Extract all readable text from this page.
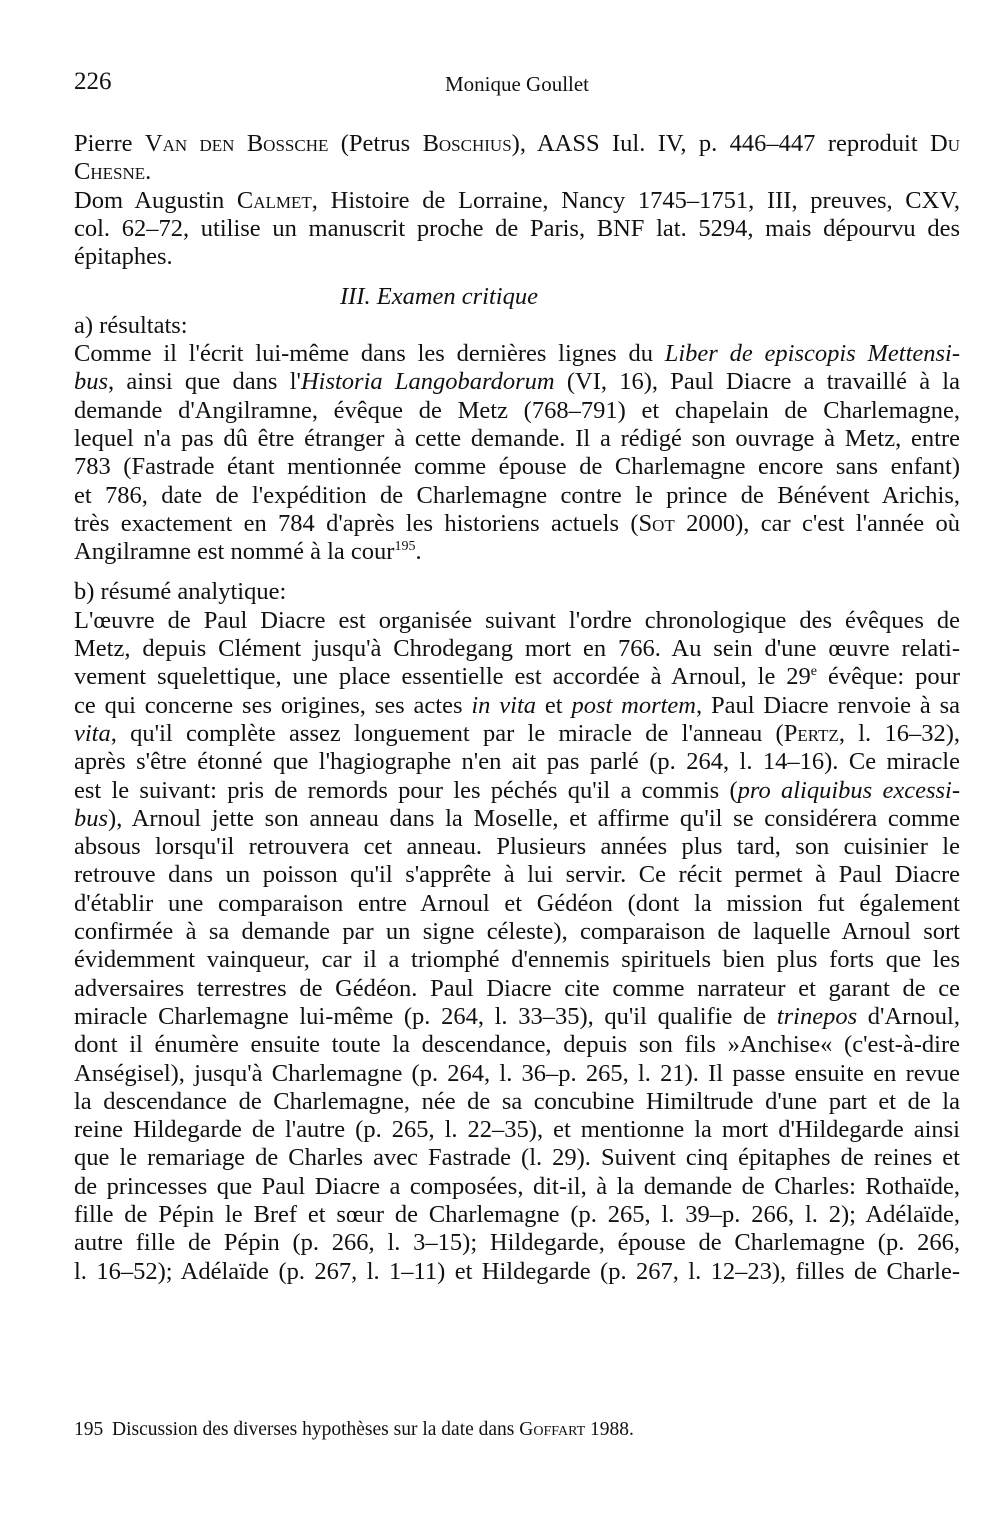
226	Monique Goullet
Pierre Van den Bossche (Petrus Boschius), AASS Iul. IV, p. 446–447 reproduit Du
Chesne.
Dom Augustin Calmet, Histoire de Lorraine, Nancy 1745–1751, III, preuves, CXV,
col. 62–72, utilise un manuscrit proche de Paris, BNF lat. 5294, mais dépourvu des
épitaphes.
III. Examen critique
a) résultats:
Comme il l'écrit lui-même dans les dernières lignes du Liber de episcopis Mettensi-
bus, ainsi que dans l'Historia Langobardorum (VI, 16), Paul Diacre a travaillé à la
demande d'Angilramne, évêque de Metz (768–791) et chapelain de Charlemagne,
lequel n'a pas dû être étranger à cette demande. Il a rédigé son ouvrage à Metz, entre
783 (Fastrade étant mentionnée comme épouse de Charlemagne encore sans enfant)
et 786, date de l'expédition de Charlemagne contre le prince de Bénévent Arichis,
très exactement en 784 d'après les historiens actuels (Sot 2000), car c'est l'année où
Angilramne est nommé à la cour$^{195}$.
b) résumé analytique:
L'œuvre de Paul Diacre est organisée suivant l'ordre chronologique des évêques de
Metz, depuis Clément jusqu'à Chrodegang mort en 766. Au sein d'une œuvre relati-
vement squelettique, une place essentielle est accordée à Arnoul, le 29e évêque: pour
ce qui concerne ses origines, ses actes in vita et post mortem, Paul Diacre renvoie à sa
vita, qu'il complète assez longuement par le miracle de l'anneau (Pertz, l. 16–32),
après s'être étonné que l'hagiographe n'en ait pas parlé (p. 264, l. 14–16). Ce miracle
est le suivant: pris de remords pour les péchés qu'il a commis (pro aliquibus excessi-
bus), Arnoul jette son anneau dans la Moselle, et affirme qu'il se considérera comme
absous lorsqu'il retrouvera cet anneau. Plusieurs années plus tard, son cuisinier le
retrouve dans un poisson qu'il s'apprête à lui servir. Ce récit permet à Paul Diacre
d'établir une comparaison entre Arnoul et Gédéon (dont la mission fut également
confirmée à sa demande par un signe céleste), comparaison de laquelle Arnoul sort
évidemment vainqueur, car il a triomphé d'ennemis spirituels bien plus forts que les
adversaires terrestres de Gédéon. Paul Diacre cite comme narrateur et garant de ce
miracle Charlemagne lui-même (p. 264, l. 33–35), qu'il qualifie de trinepos d'Arnoul,
dont il énumère ensuite toute la descendance, depuis son fils »Anchise« (c'est-à-dire
Anségisel), jusqu'à Charlemagne (p. 264, l. 36–p. 265, l. 21). Il passe ensuite en revue
la descendance de Charlemagne, née de sa concubine Himiltrude d'une part et de la
reine Hildegarde de l'autre (p. 265, l. 22–35), et mentionne la mort d'Hildegarde ainsi
que le remariage de Charles avec Fastrade (l. 29). Suivent cinq épitaphes de reines et
de princesses que Paul Diacre a composées, dit-il, à la demande de Charles: Rothaïde,
fille de Pépin le Bref et sœur de Charlemagne (p. 265, l. 39–p. 266, l. 2); Adélaïde,
autre fille de Pépin (p. 266, l. 3–15); Hildegarde, épouse de Charlemagne (p. 266,
l. 16–52); Adélaïde (p. 267, l. 1–11) et Hildegarde (p. 267, l. 12–23), filles de Charle-
195 Discussion des diverses hypothèses sur la date dans Goffart 1988.
